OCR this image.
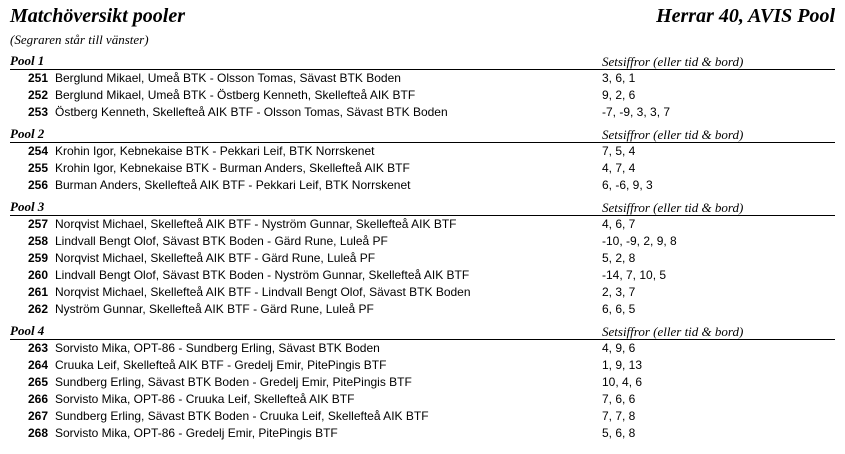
Matchöversikt pooler	Herrar 40, AVIS Pool
(Segraren står till vänster)
Pool 1	Setsiffror (eller tid & bord)
251 Berglund Mikael, Umeå BTK - Olsson Tomas, Sävast BTK Boden	3, 6, 1
252 Berglund Mikael, Umeå BTK - Östberg Kenneth, Skellefteå AIK BTF	9, 2, 6
253 Östberg Kenneth, Skellefteå AIK BTF - Olsson Tomas, Sävast BTK Boden	-7, -9, 3, 3, 7
Pool 2	Setsiffror (eller tid & bord)
254 Krohin Igor, Kebnekaise BTK - Pekkari Leif, BTK Norrskenet	7, 5, 4
255 Krohin Igor, Kebnekaise BTK - Burman Anders, Skellefteå AIK BTF	4, 7, 4
256 Burman Anders, Skellefteå AIK BTF - Pekkari Leif, BTK Norrskenet	6, -6, 9, 3
Pool 3	Setsiffror (eller tid & bord)
257 Norqvist Michael, Skellefteå AIK BTF - Nyström Gunnar, Skellefteå AIK BTF	4, 6, 7
258 Lindvall Bengt Olof, Sävast BTK Boden - Gärd Rune, Luleå PF	-10, -9, 2, 9, 8
259 Norqvist Michael, Skellefteå AIK BTF - Gärd Rune, Luleå PF	5, 2, 8
260 Lindvall Bengt Olof, Sävast BTK Boden - Nyström Gunnar, Skellefteå AIK BTF	-14, 7, 10, 5
261 Norqvist Michael, Skellefteå AIK BTF - Lindvall Bengt Olof, Sävast BTK Boden	2, 3, 7
262 Nyström Gunnar, Skellefteå AIK BTF - Gärd Rune, Luleå PF	6, 6, 5
Pool 4	Setsiffror (eller tid & bord)
263 Sorvisto Mika, OPT-86 - Sundberg Erling, Sävast BTK Boden	4, 9, 6
264 Cruuka Leif, Skellefteå AIK BTF - Gredelj Emir, PitePingis BTF	1, 9, 13
265 Sundberg Erling, Sävast BTK Boden - Gredelj Emir, PitePingis BTF	10, 4, 6
266 Sorvisto Mika, OPT-86 - Cruuka Leif, Skellefteå AIK BTF	7, 6, 6
267 Sundberg Erling, Sävast BTK Boden - Cruuka Leif, Skellefteå AIK BTF	7, 7, 8
268 Sorvisto Mika, OPT-86 - Gredelj Emir, PitePingis BTF	5, 6, 8
